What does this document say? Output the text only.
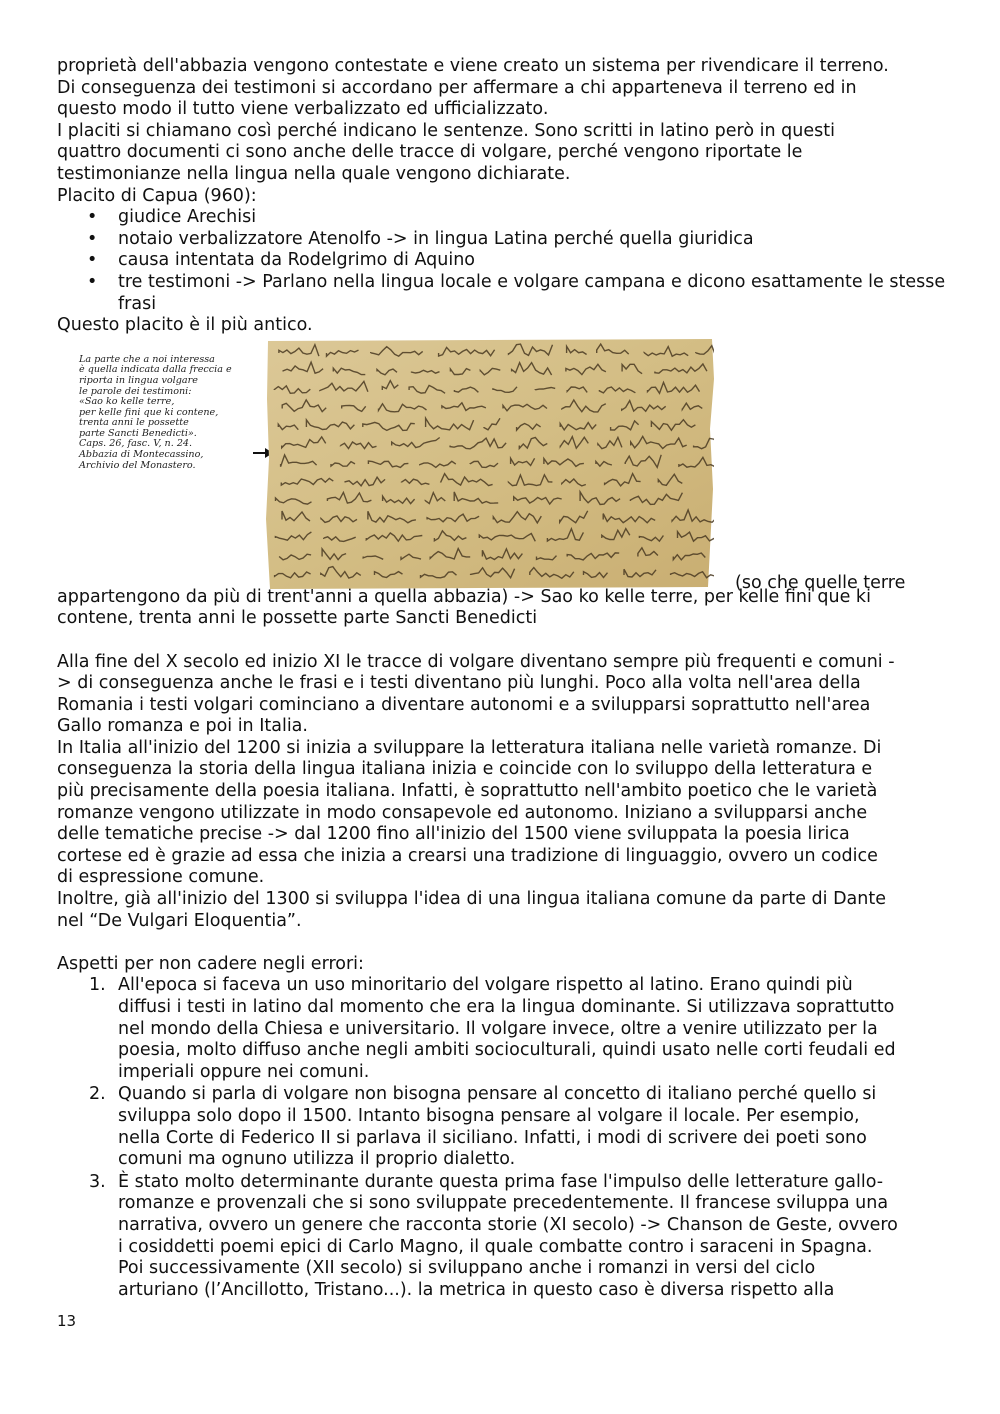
proprietà dell'abbazia vengono contestate e viene creato un sistema per rivendicare il terreno.

Di conseguenza dei testimoni si accordano per affermare a chi apparteneva il terreno ed in

questo modo il tutto viene verbalizzato ed ufficializzato.

I placiti si chiamano così perché indicano le sentenze. Sono scritti in latino però in questi

quattro documenti ci sono anche delle tracce di volgare, perché vengono riportate le

testimonianze nella lingua nella quale vengono dichiarate.

Placito di Capua (960):

• giudice Arechisi
• notaio verbalizzatore Atenolfo -> in lingua Latina perché quella giuridica
• causa intentata da Rodelgrimo di Aquino
• tre testimoni -> Parlano nella lingua locale e volgare campana e dicono esattamente le stesse frasi

Questo placito è il più antico.

La parte che a noi interessa
è quella indicata dalla freccia e
riporta in lingua volgare
le parole dei testimoni:
«Sao ko kelle terre,
per kelle fini que ki contene,
trenta anni le possette
parte Sancti Benedicti».
Caps. 26, fasc. V, n. 24.
Abbazia di Montecassino,
Archivio del Monastero.
(so che quelle terre

appartengono da più di trent'anni a quella abbazia) -> Sao ko kelle terre, per kelle fini que ki

contene, trenta anni le possette parte Sancti Benedicti

Alla fine del X secolo ed inizio XI le tracce di volgare diventano sempre più frequenti e comuni -

> di conseguenza anche le frasi e i testi diventano più lunghi. Poco alla volta nell'area della

Romania i testi volgari cominciano a diventare autonomi e a svilupparsi soprattutto nell'area

Gallo romanza e poi in Italia.

In Italia all'inizio del 1200 si inizia a sviluppare la letteratura italiana nelle varietà romanze. Di

conseguenza la storia della lingua italiana inizia e coincide con lo sviluppo della letteratura e

più precisamente della poesia italiana. Infatti, è soprattutto nell'ambito poetico che le varietà

romanze vengono utilizzate in modo consapevole ed autonomo. Iniziano a svilupparsi anche

delle tematiche precise -> dal 1200 fino all'inizio del 1500 viene sviluppata la poesia lirica

cortese ed è grazie ad essa che inizia a crearsi una tradizione di linguaggio, ovvero un codice

di espressione comune.

Inoltre, già all'inizio del 1300 si sviluppa l'idea di una lingua italiana comune da parte di Dante

nel “De Vulgari Eloquentia”.

Aspetti per non cadere negli errori:

1. All'epoca si faceva un uso minoritario del volgare rispetto al latino. Erano quindi più

diffusi i testi in latino dal momento che era la lingua dominante. Si utilizzava soprattutto

nel mondo della Chiesa e universitario. Il volgare invece, oltre a venire utilizzato per la

poesia, molto diffuso anche negli ambiti socioculturali, quindi usato nelle corti feudali ed

imperiali oppure nei comuni.

2. Quando si parla di volgare non bisogna pensare al concetto di italiano perché quello si

sviluppa solo dopo il 1500. Intanto bisogna pensare al volgare il locale. Per esempio,

nella Corte di Federico II si parlava il siciliano. Infatti, i modi di scrivere dei poeti sono

comuni ma ognuno utilizza il proprio dialetto.

3. È stato molto determinante durante questa prima fase l'impulso delle letterature gallo-

romanze e provenzali che si sono sviluppate precedentemente. Il francese sviluppa una

narrativa, ovvero un genere che racconta storie (XI secolo) -> Chanson de Geste, ovvero

i cosiddetti poemi epici di Carlo Magno, il quale combatte contro i saraceni in Spagna.

Poi successivamente (XII secolo) si sviluppano anche i romanzi in versi del ciclo

arturiano (l’Ancillotto, Tristano...). la metrica in questo caso è diversa rispetto alla

13
